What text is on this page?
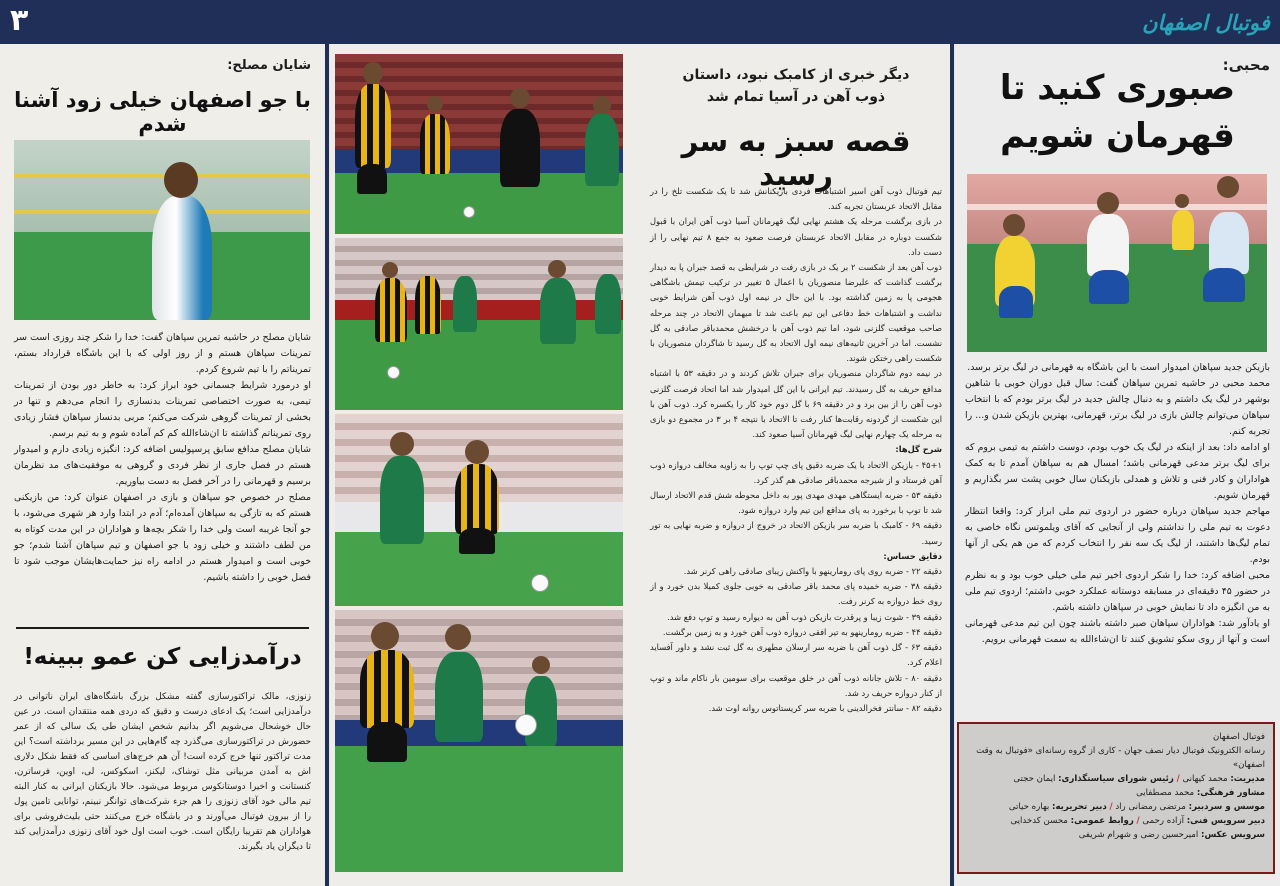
۳	فوتبال اصفهان
محبی:
صبوری کنید تا
قهرمان شویم

بازیکن جدید سپاهان امیدوار است با این باشگاه به قهرمانی در لیگ برتر برسد.

محمد محبی در حاشیه تمرین سپاهان گفت: سال قبل دوران خوبی با شاهین بوشهر در لیگ یک داشتم و به دنبال چالش جدید در لیگ برتر بودم که با انتخاب سپاهان می‌توانم چالش بازی در لیگ برتر، قهرمانی، بهترین بازیکن شدن و... را تجربه کنم.

او ادامه داد: بعد از اینکه در لیگ یک خوب بودم، دوست داشتم به تیمی بروم که برای لیگ برتر مدعی قهرمانی باشد؛ امسال هم به سپاهان آمدم تا به کمک هواداران و کادر فنی و تلاش و همدلی بازیکنان سال خوبی پشت سر بگذاریم و قهرمان شویم.

مهاجم جدید سپاهان درباره حضور در اردوی تیم ملی ابراز کرد: واقعا انتظار دعوت به تیم ملی را نداشتم ولی از آنجایی که آقای ویلموتس نگاه خاصی به تمام لیگ‌ها داشتند، از لیگ یک سه نفر را انتخاب کردم که من هم یکی از آنها بودم.

محبی اضافه کرد: خدا را شکر اردوی اخیر تیم ملی خیلی خوب بود و به نظرم در حضور ۴۵ دقیقه‌ای در مسابقه دوستانه عملکرد خوبی داشتم؛ اردوی تیم ملی به من انگیزه داد تا نمایش خوبی در سپاهان داشته باشم.

او یادآور شد: هواداران سپاهان صبر داشته باشند چون این تیم مدعی قهرمانی است و آنها از روی سکو تشویق کنند تا ان‌شاءالله به سمت قهرمانی برویم.

فوتبال اصفهان
رسانه الکترونیک فوتبال دیار نصف جهان - کاری از گروه رسانه‌ای «فوتبال به وقت اصفهان»
مدیریت: محمد کیهانی / رئیس شورای سیاستگذاری: ایمان حجتی
مشاور فرهنگی: محمد مصطفایی
موسس و سردبیر: مرتضی رمضانی راد / دبیر تحریریه: بهاره حیاتی
دبیر سرویس فنی: آزاده رحمی / روابط عمومی: محسن کدخدایی
سرویس عکس: امیرحسین رضی و شهرام شریفی
دیگر خبری از کامبک نبود، داستان
ذوب آهن در آسیا تمام شد
قصه سبز به سر رسید

تیم فوتبال ذوب آهن اسیر اشتباهات فردی بازیکنانش شد تا یک شکست تلخ را در مقابل الاتحاد عربستان تجربه کند.

در بازی برگشت مرحله یک هشتم نهایی لیگ قهرمانان آسیا ذوب آهن ایران با قبول شکست دوباره در مقابل الاتحاد عربستان فرصت صعود به جمع ۸ تیم نهایی را از دست داد.

ذوب آهن بعد از شکست ۲ بر یک در بازی رفت در شرایطی به قصد جبران پا به دیدار برگشت گذاشت که علیرضا منصوریان با اعمال ۵ تغییر در ترکیب تیمش باشگاهی هجومی پا به زمین گذاشته بود. با این حال در نیمه اول ذوب آهن شرایط خوبی نداشت و اشتباهات خط دفاعی این تیم باعث شد تا میهمان الاتحاد در چند مرحله صاحب موقعیت گلزنی شود، اما تیم ذوب آهن با درخشش محمدباقر صادقی به گل نشست. اما در آخرین ثانیه‌های نیمه اول الاتحاد به گل رسید تا شاگردان منصوریان با شکست راهی رختکن شوند.

در نیمه دوم شاگردان منصوریان برای جبران تلاش کردند و در دقیقه ۵۳ با اشتباه مدافع حریف به گل رسیدند. تیم ایرانی با این گل امیدوار شد اما اتحاد فرصت گلزنی ذوب آهن را از بین برد و در دقیقه ۶۹ با گل دوم خود کار را یکسره کرد. ذوب آهن با این شکست از گردونه رقابت‌ها کنار رفت تا الاتحاد با نتیجه ۴ بر ۳ در مجموع دو بازی به مرحله یک چهارم نهایی لیگ قهرمانان آسیا صعود کند.

شرح گل‌ها:

۴۵+۱ - بازیکن الاتحاد با یک ضربه دقیق پای چپ توپ را به زاویه مخالف دروازه ذوب آهن فرستاد و از شیرجه محمدباقر صادقی هم گذر کرد.

دقیقه ۵۳ - ضربه ایستگاهی مهدی مهدی پور به داخل محوطه شش قدم الاتحاد ارسال شد تا توپ با برخورد به پای مدافع این تیم وارد دروازه شود.

دقیقه ۶۹ - کامبک با ضربه سر بازیکن الاتحاد در خروج از دروازه و ضربه نهایی به تور رسید.

دقایق حساس:

دقیقه ۲۲ - ضربه روی پای رومارینهو با واکنش زیبای صادقی راهی کرنر شد.

دقیقه ۳۸ - ضربه خمیده پای محمد باقر صادقی به خوبی جلوی کمیلا بدن خورد و از روی خط دروازه به کرنر رفت.

دقیقه ۳۹ - شوت زیبا و پرقدرت بازیکن ذوب آهن به دیواره رسید و توپ دفع شد.

دقیقه ۴۴ - ضربه رومارینهو به تیر افقی دروازه ذوب آهن خورد و به زمین برگشت.

دقیقه ۶۳ - گل ذوب آهن با ضربه سر ارسلان مطهری به گل ثبت نشد و داور آفساید اعلام کرد.

دقیقه ۸۰ - تلاش جانانه ذوب آهن در خلق موقعیت برای سومین بار ناکام ماند و توپ از کنار دروازه حریف رد شد.

دقیقه ۸۲ - سانتر فخرالدینی با ضربه سر کریستاتوس روانه اوت شد.

شایان مصلح:
با جو اصفهان خیلی زود آشنا شدم

شایان مصلح در حاشیه تمرین سپاهان گفت: خدا را شکر چند روزی است سر تمرینات سپاهان هستم و از روز اولی که با این باشگاه قرارداد بستم، تمریناتم را با تیم شروع کردم.

او درمورد شرایط جسمانی خود ابراز کرد: به خاطر دور بودن از تمرینات تیمی، به صورت اختصاصی تمرینات بدنسازی را انجام می‌دهم و تنها در بخشی از تمرینات گروهی شرکت می‌کنم؛ مربی بدنساز سپاهان فشار زیادی روی تمریناتم گذاشته تا ان‌شاءالله کم کم آماده شوم و به تیم برسم.

شایان مصلح مدافع سابق پرسپولیس اضافه کرد: انگیزه زیادی دارم و امیدوار هستم در فصل جاری از نظر فردی و گروهی به موفقیت‌های مد نظرمان برسیم و قهرمانی را در آخر فصل به دست بیاوریم.

مصلح در خصوص جو سپاهان و بازی در اصفهان عنوان کرد: من بازیکنی هستم که به تازگی به سپاهان آمده‌ام؛ آدم در ابتدا وارد هر شهری می‌شود، با جو آنجا غریبه است ولی خدا را شکر بچه‌ها و هواداران در این مدت کوتاه به من لطف داشتند و خیلی زود با جو اصفهان و تیم سپاهان آشنا شدم؛ جو خوبی است و امیدوار هستم در ادامه راه نیز حمایت‌هایشان موجب شود تا فصل خوبی را داشته باشیم.

درآمدزایی کن عمو ببینه!
زنوزی، مالک تراکتورسازی گفته مشکل بزرگ باشگاه‌های ایران ناتوانی در درآمدزایی است؛ یک ادعای درست و دقیق که دردی همه منتقدان است. در عین حال خوشحال می‌شویم اگر بدانیم شخص ایشان طی یک سالی که از عمر حضورش در تراکتورسازی می‌گذرد چه گام‌هایی در این مسیر برداشته است؟ این مدت تراکتور تنها خرج کرده است! آن هم خرج‌های اساسی که فقط شکل دلاری اش به آمدن مربیانی مثل توشاک، لیکنز، اسکوکس، لی، اوین، فرساترن، کنستانت و اخیرا دوستانکوس مربوط می‌شود. حالا بازیکنان ایرانی به کنار البته تیم مالی خود آقای زنوزی را هم جزء شرکت‌های توانگر نبینم، توانایی تامین پول را از بیرون فوتبال می‌آورند و در باشگاه خرج می‌کنند حتی بلیت‌فروشی برای هواداران هم تقریبا رایگان است. خوب است اول خود آقای زنوزی درآمدزایی کند تا دیگران یاد بگیرند.
